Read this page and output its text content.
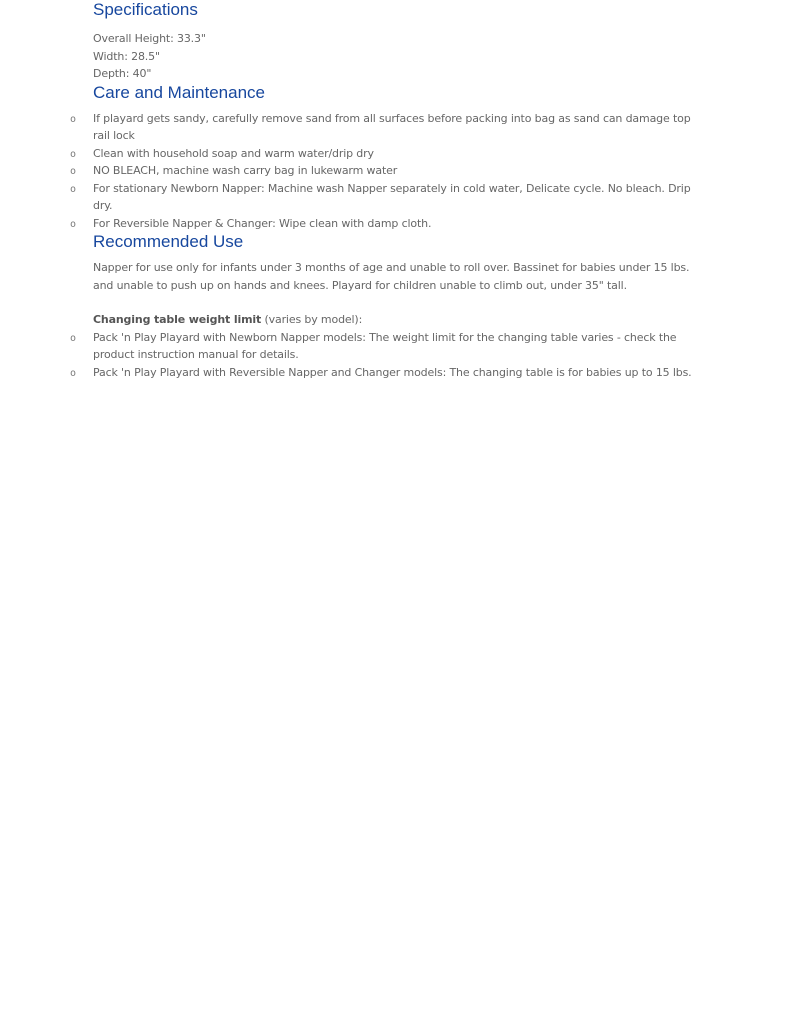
Specifications

Overall Height: 33.3"

Width: 28.5"

Depth: 40"

Care and Maintenance
o If playard gets sandy, carefully remove sand from all surfaces before packing into bag as sand can damage top rail lock
o Clean with household soap and warm water/drip dry
o NO BLEACH, machine wash carry bag in lukewarm water
o For stationary Newborn Napper: Machine wash Napper separately in cold water, Delicate cycle. No bleach. Drip dry.
o For Reversible Napper & Changer: Wipe clean with damp cloth.
Recommended Use

Napper for use only for infants under 3 months of age and unable to roll over. Bassinet for babies under 15 lbs. and unable to push up on hands and knees. Playard for children unable to climb out, under 35" tall.

Changing table weight limit (varies by model):

o Pack 'n Play Playard with Newborn Napper models: The weight limit for the changing table varies - check the product instruction manual for details.
o Pack 'n Play Playard with Reversible Napper and Changer models: The changing table is for babies up to 15 lbs.
